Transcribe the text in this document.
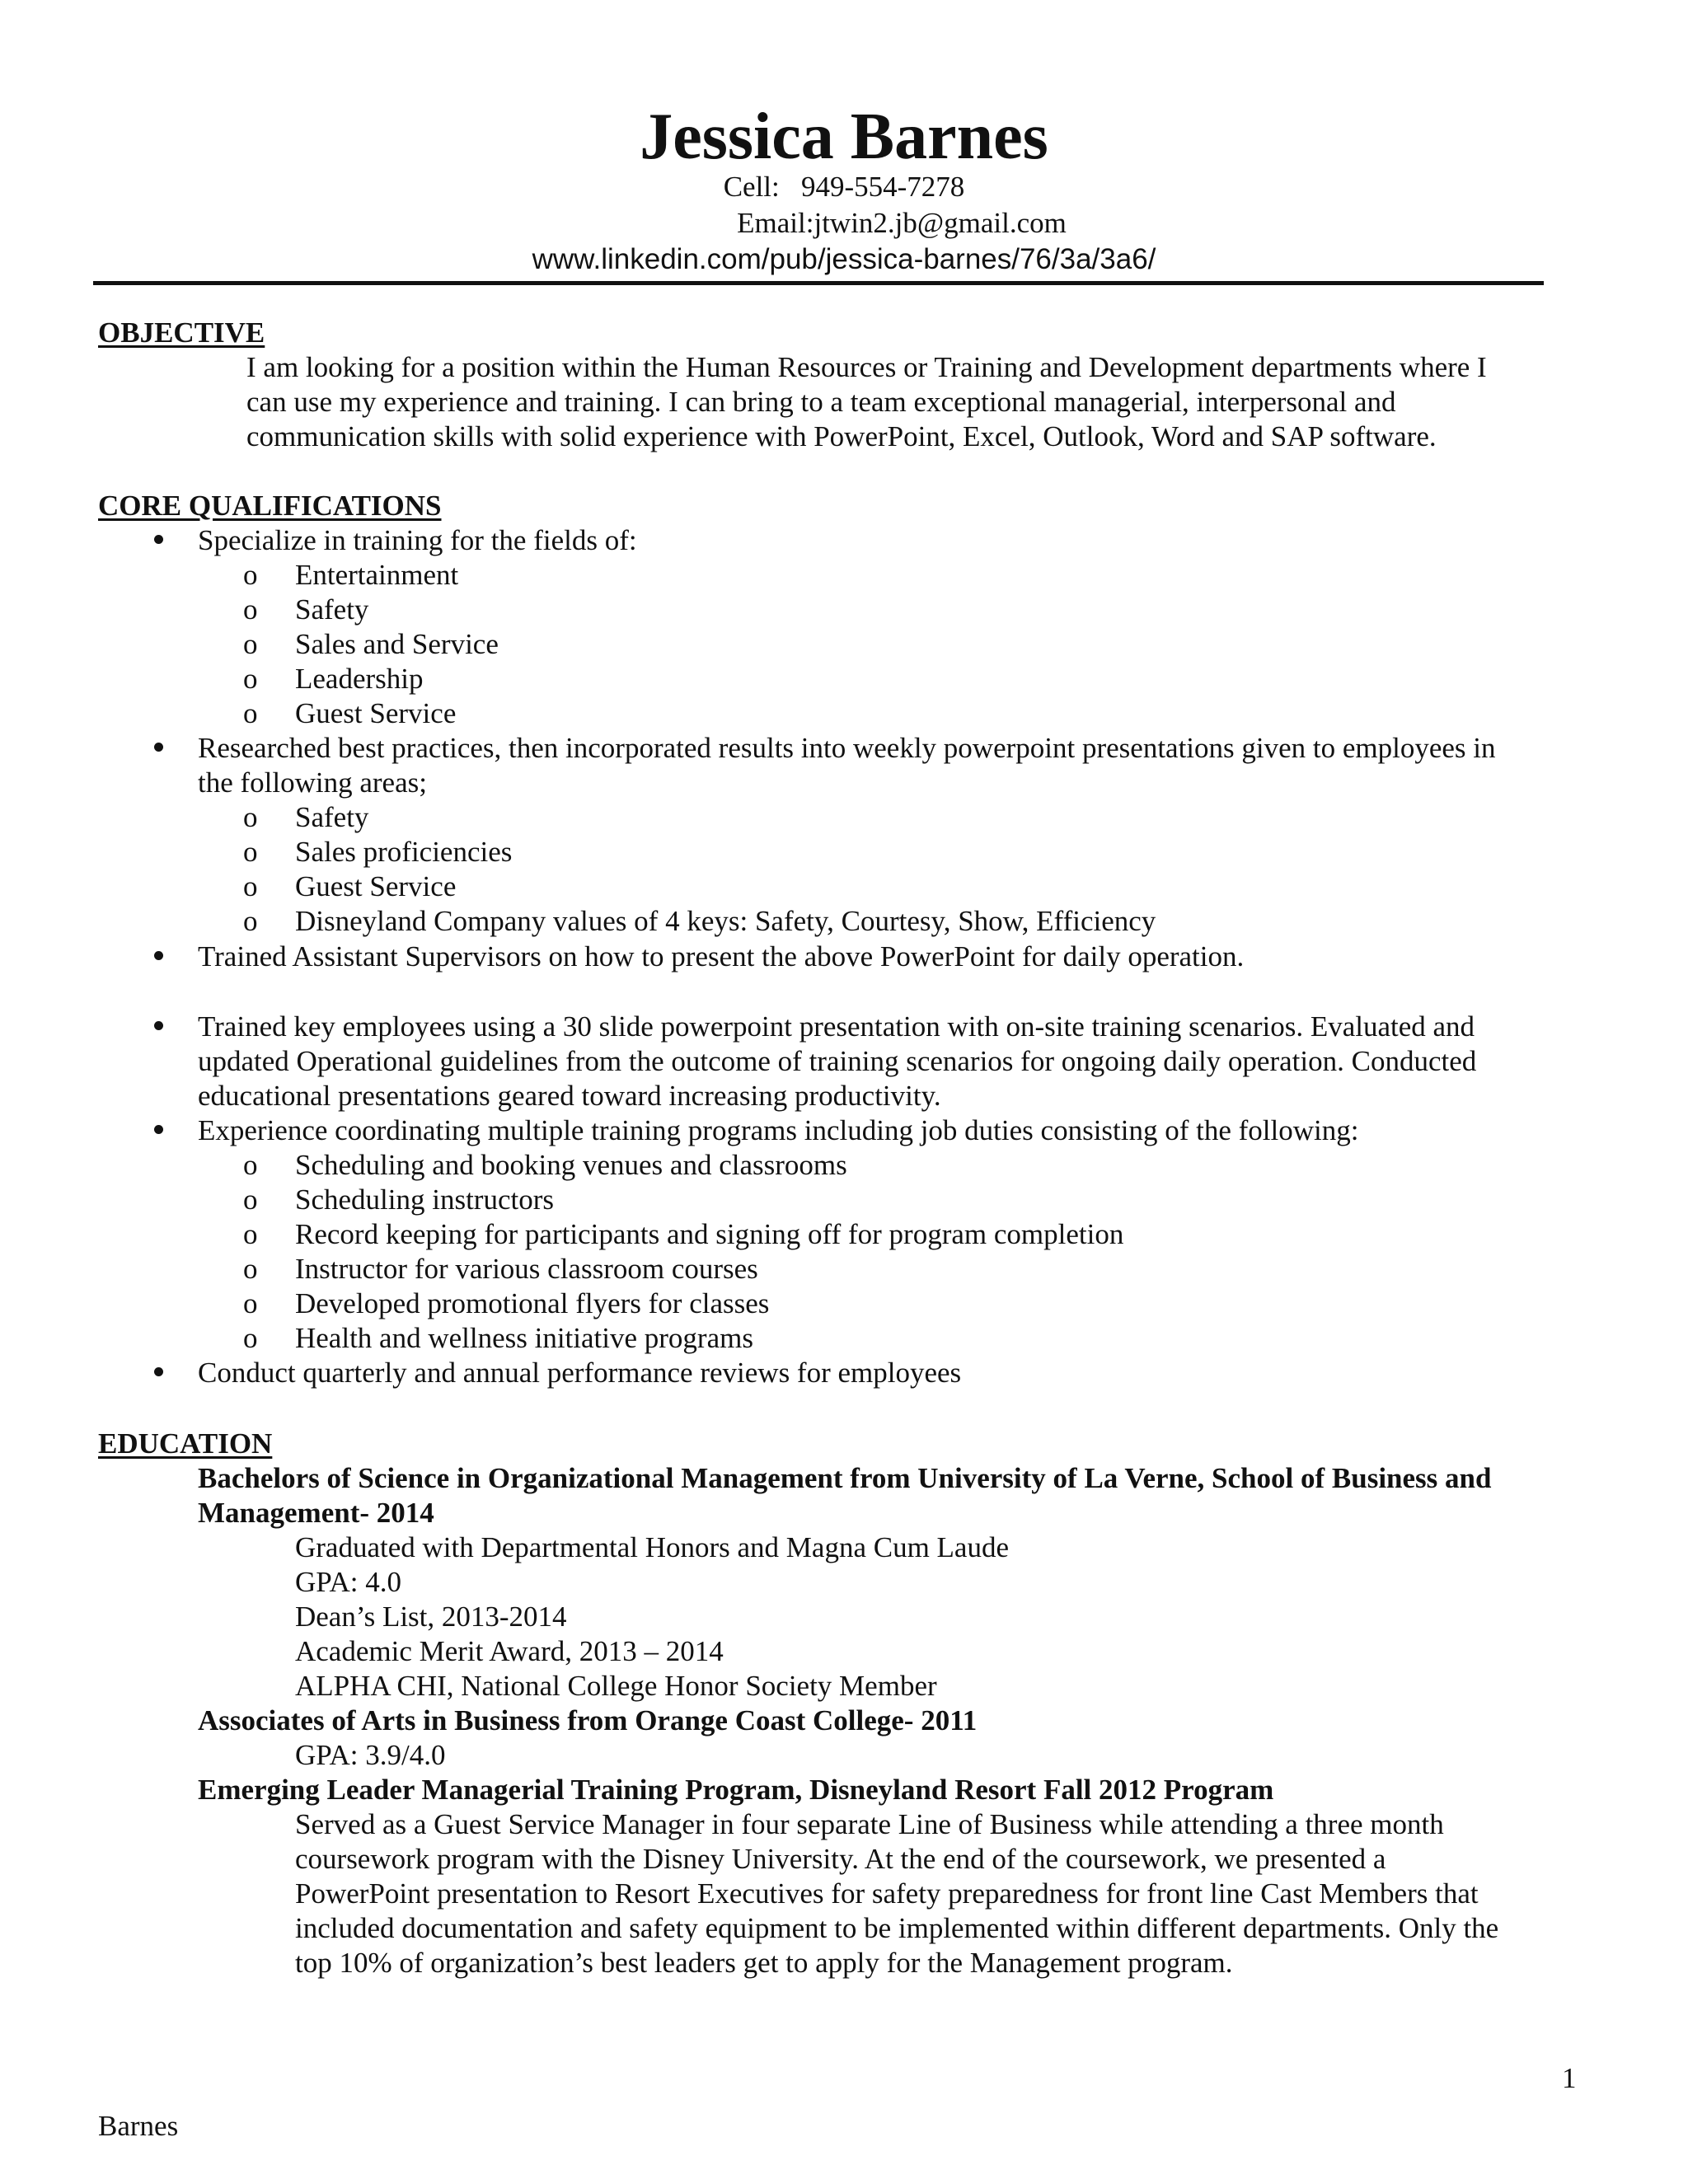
Jessica Barnes
Cell:   949-554-7278
Email:jtwin2.jb@gmail.com
www.linkedin.com/pub/jessica-barnes/76/3a/3a6/
OBJECTIVE
I am looking for a position within the Human Resources or Training and Development departments where I
can use my experience and training. I can bring to a team exceptional managerial, interpersonal and
communication skills with solid experience with PowerPoint, Excel, Outlook, Word and SAP software.
CORE QUALIFICATIONS
Specialize in training for the fields of:
o Entertainment
o Safety
o Sales and Service
o Leadership
o Guest Service
Researched best practices, then incorporated results into weekly powerpoint presentations given to employees in
the following areas;
o Safety
o Sales proficiencies
o Guest Service
o Disneyland Company values of 4 keys: Safety, Courtesy, Show, Efficiency
Trained Assistant Supervisors on how to present the above PowerPoint for daily operation.
Trained key employees using a 30 slide powerpoint presentation with on-site training scenarios. Evaluated and
updated Operational guidelines from the outcome of training scenarios for ongoing daily operation. Conducted
educational presentations geared toward increasing productivity.
Experience coordinating multiple training programs including job duties consisting of the following:
o Scheduling and booking venues and classrooms
o Scheduling instructors
o Record keeping for participants and signing off for program completion
o Instructor for various classroom courses
o Developed promotional flyers for classes
o Health and wellness initiative programs
Conduct quarterly and annual performance reviews for employees
EDUCATION
Bachelors of Science in Organizational Management from University of La Verne, School of Business and
Management- 2014
Graduated with Departmental Honors and Magna Cum Laude
GPA: 4.0
Dean’s List, 2013-2014
Academic Merit Award, 2013 – 2014
ALPHA CHI, National College Honor Society Member
Associates of Arts in Business from Orange Coast College- 2011
GPA: 3.9/4.0
Emerging Leader Managerial Training Program, Disneyland Resort Fall 2012 Program
Served as a Guest Service Manager in four separate Line of Business while attending a three month
coursework program with the Disney University. At the end of the coursework, we presented a
PowerPoint presentation to Resort Executives for safety preparedness for front line Cast Members that
included documentation and safety equipment to be implemented within different departments. Only the
top 10% of organization’s best leaders get to apply for the Management program.
1
Barnes
